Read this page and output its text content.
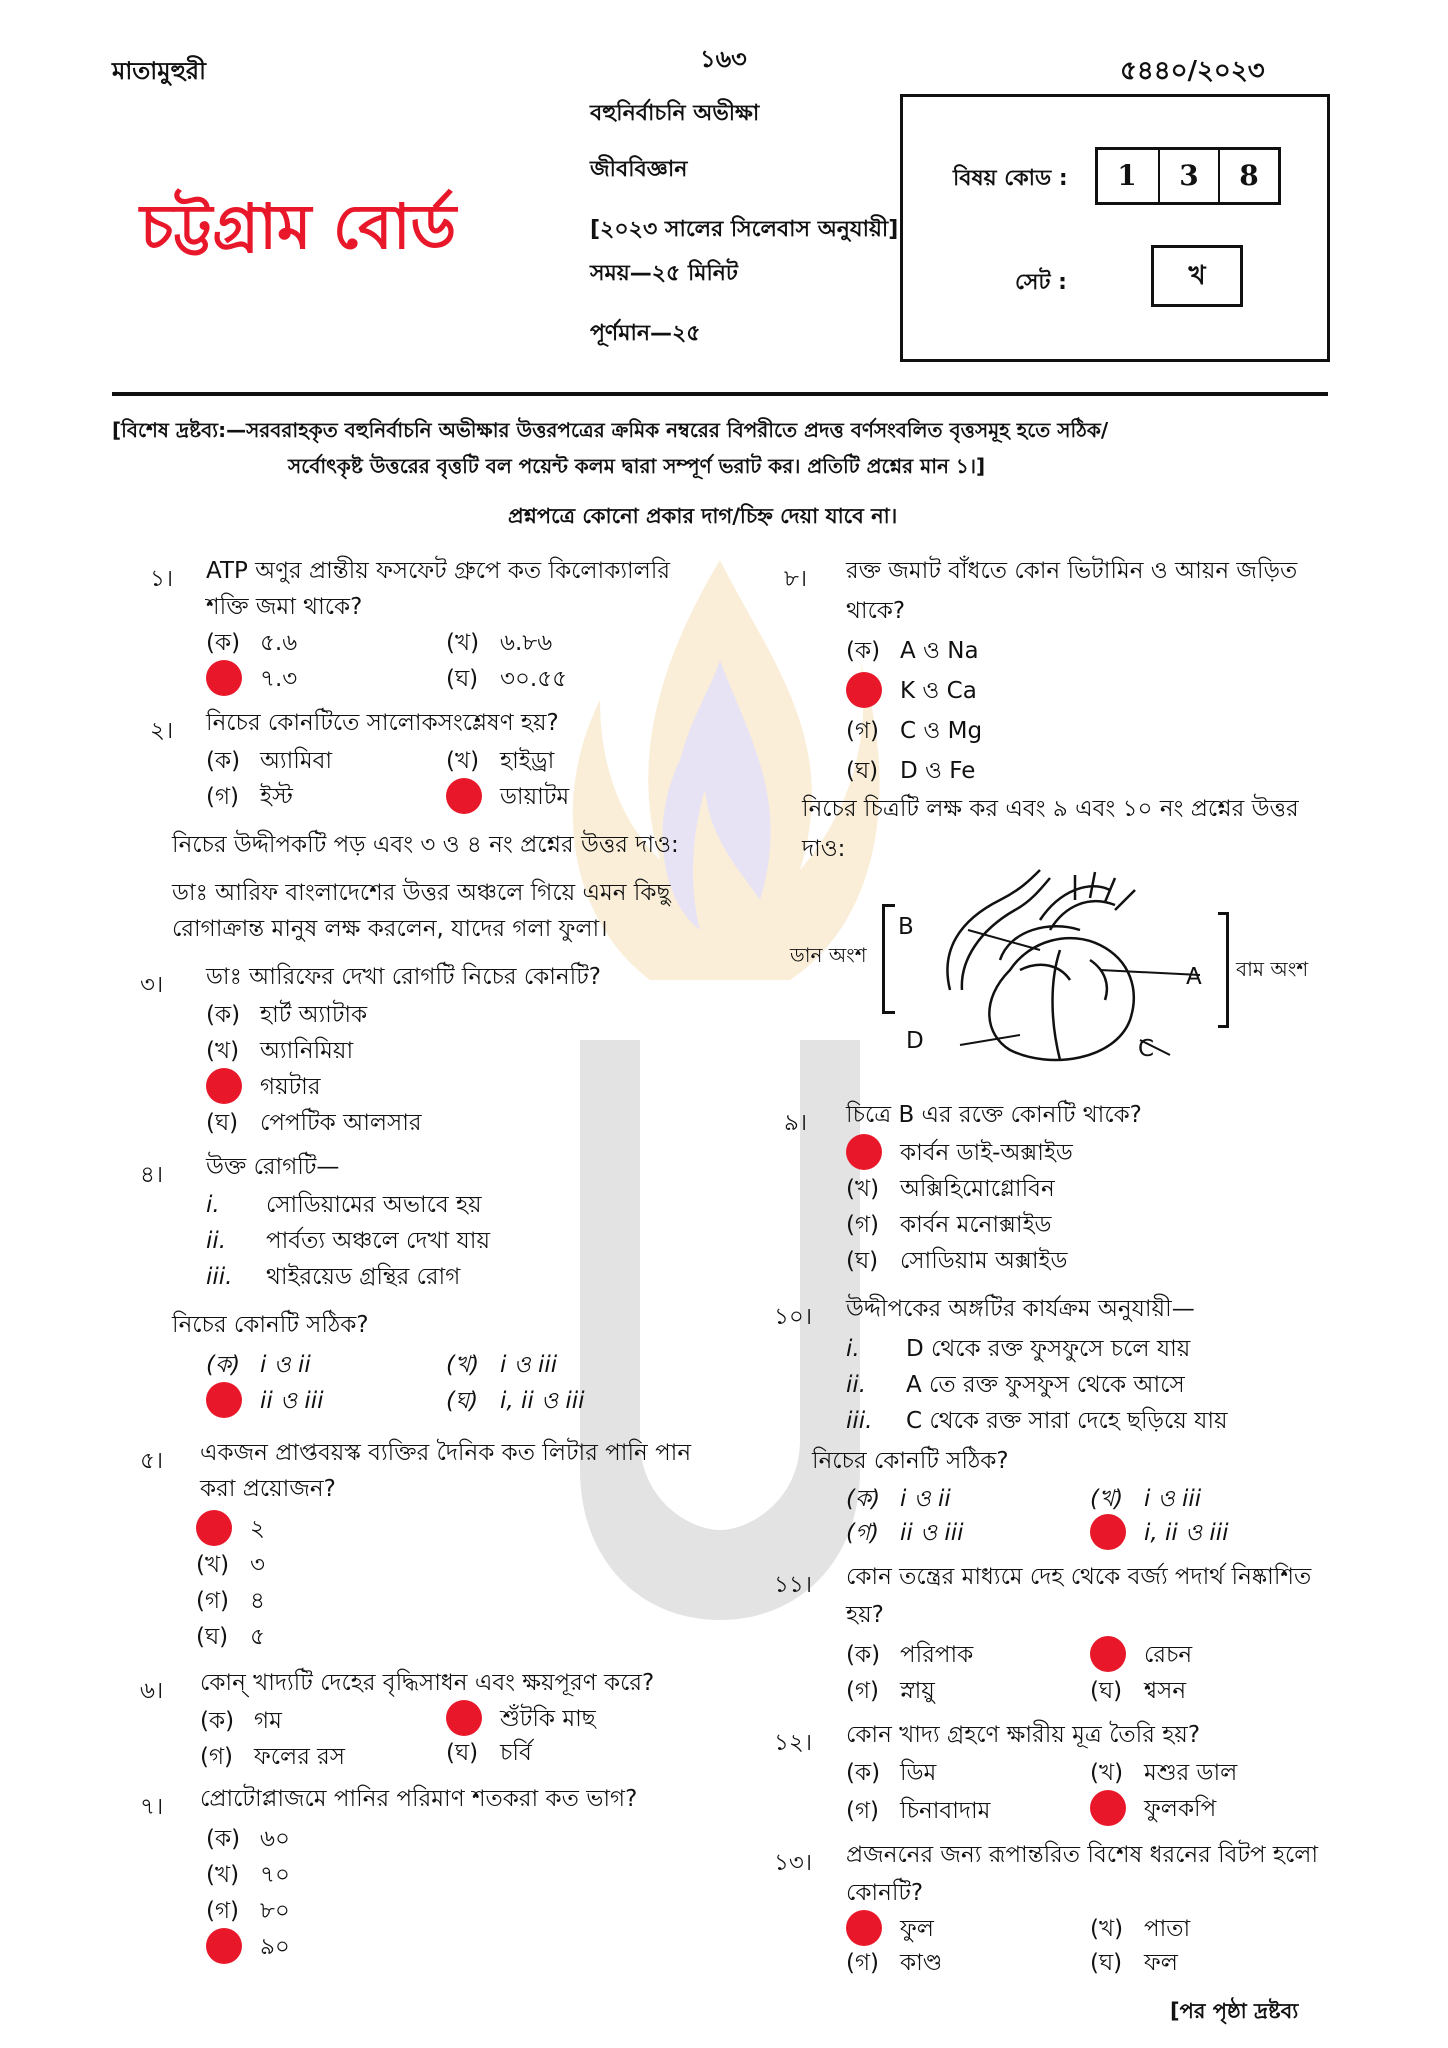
মাতামুহুরী	১৬৩	৫৪৪০/২০২৩
চট্টগ্রাম বোর্ড
বহুনির্বাচনি অভীক্ষা
জীববিজ্ঞান
[২০২৩ সালের সিলেবাস অনুযায়ী]
সময়—২৫ মিনিট
পূর্ণমান—২৫
বিষয় কোড :	1	3	8
সেট :	খ
[বিশেষ দ্রষ্টব্য:—সরবরাহকৃত বহুনির্বাচনি অভীক্ষার উত্তরপত্রের ক্রমিক নম্বরের বিপরীতে প্রদত্ত বর্ণসংবলিত বৃত্তসমূহ হতে সঠিক/
সর্বোৎকৃষ্ট উত্তরের বৃত্তটি বল পয়েন্ট কলম দ্বারা সম্পূর্ণ ভরাট কর। প্রতিটি প্রশ্নের মান ১।]
প্রশ্নপত্রে কোনো প্রকার দাগ/চিহ্ন দেয়া যাবে না।
১। ATP অণুর প্রান্তীয় ফসফেট গ্রুপে কত কিলোক্যালরি
শক্তি জমা থাকে?
(ক) ৫.৬	(খ) ৬.৮৬
৭.৩	(ঘ) ৩০.৫৫
২। নিচের কোনটিতে সালোকসংশ্লেষণ হয়?
(ক) অ্যামিবা	(খ) হাইড্রা
(গ) ইস্ট	ডায়াটম
নিচের উদ্দীপকটি পড় এবং ৩ ও ৪ নং প্রশ্নের উত্তর দাও:
ডাঃ আরিফ বাংলাদেশের উত্তর অঞ্চলে গিয়ে এমন কিছু
রোগাক্রান্ত মানুষ লক্ষ করলেন, যাদের গলা ফুলা।
৩। ডাঃ আরিফের দেখা রোগটি নিচের কোনটি?
(ক) হার্ট অ্যাটাক
(খ) অ্যানিমিয়া
গয়টার
(ঘ) পেপটিক আলসার
৪। উক্ত রোগটি—
i. সোডিয়ামের অভাবে হয়
ii. পার্বত্য অঞ্চলে দেখা যায়
iii. থাইরয়েড গ্রন্থির রোগ
নিচের কোনটি সঠিক?
(ক) i ও ii	(খ) i ও iii
ii ও iii	(ঘ) i, ii ও iii
৫। একজন প্রাপ্তবয়স্ক ব্যক্তির দৈনিক কত লিটার পানি পান
করা প্রয়োজন?
২
(খ) ৩
(গ) ৪
(ঘ) ৫
৬। কোন্ খাদ্যটি দেহের বৃদ্ধিসাধন এবং ক্ষয়পূরণ করে?
(ক) গম	শুঁটকি মাছ
(গ) ফলের রস	(ঘ) চর্বি
৭। প্রোটোপ্লাজমে পানির পরিমাণ শতকরা কত ভাগ?
(ক) ৬০
(খ) ৭০
(গ) ৮০
৯০
৮। রক্ত জমাট বাঁধতে কোন ভিটামিন ও আয়ন জড়িত
থাকে?
(ক) A ও Na
K ও Ca
(গ) C ও Mg
(ঘ) D ও Fe
নিচের চিত্রটি লক্ষ কর এবং ৯ এবং ১০ নং প্রশ্নের উত্তর
দাও:
ডান অংশ
বাম অংশ
B
A
C
D
৯। চিত্রে B এর রক্তে কোনটি থাকে?
কার্বন ডাই-অক্সাইড
(খ) অক্সিহিমোগ্লোবিন
(গ) কার্বন মনোক্সাইড
(ঘ) সোডিয়াম অক্সাইড
১০। উদ্দীপকের অঙ্গটির কার্যক্রম অনুযায়ী—
i. D থেকে রক্ত ফুসফুসে চলে যায়
ii. A তে রক্ত ফুসফুস থেকে আসে
iii. C থেকে রক্ত সারা দেহে ছড়িয়ে যায়
নিচের কোনটি সঠিক?
(ক) i ও ii	(খ) i ও iii
(গ) ii ও iii	i, ii ও iii
১১। কোন তন্ত্রের মাধ্যমে দেহ থেকে বর্জ্য পদার্থ নিষ্কাশিত
হয়?
(ক) পরিপাক	রেচন
(গ) স্নায়ু	(ঘ) শ্বসন
১২। কোন খাদ্য গ্রহণে ক্ষারীয় মূত্র তৈরি হয়?
(ক) ডিম	(খ) মশুর ডাল
(গ) চিনাবাদাম	ফুলকপি
১৩। প্রজননের জন্য রূপান্তরিত বিশেষ ধরনের বিটপ হলো
কোনটি?
ফুল	(খ) পাতা
(গ) কাণ্ড	(ঘ) ফল
[পর পৃষ্ঠা দ্রষ্টব্য
